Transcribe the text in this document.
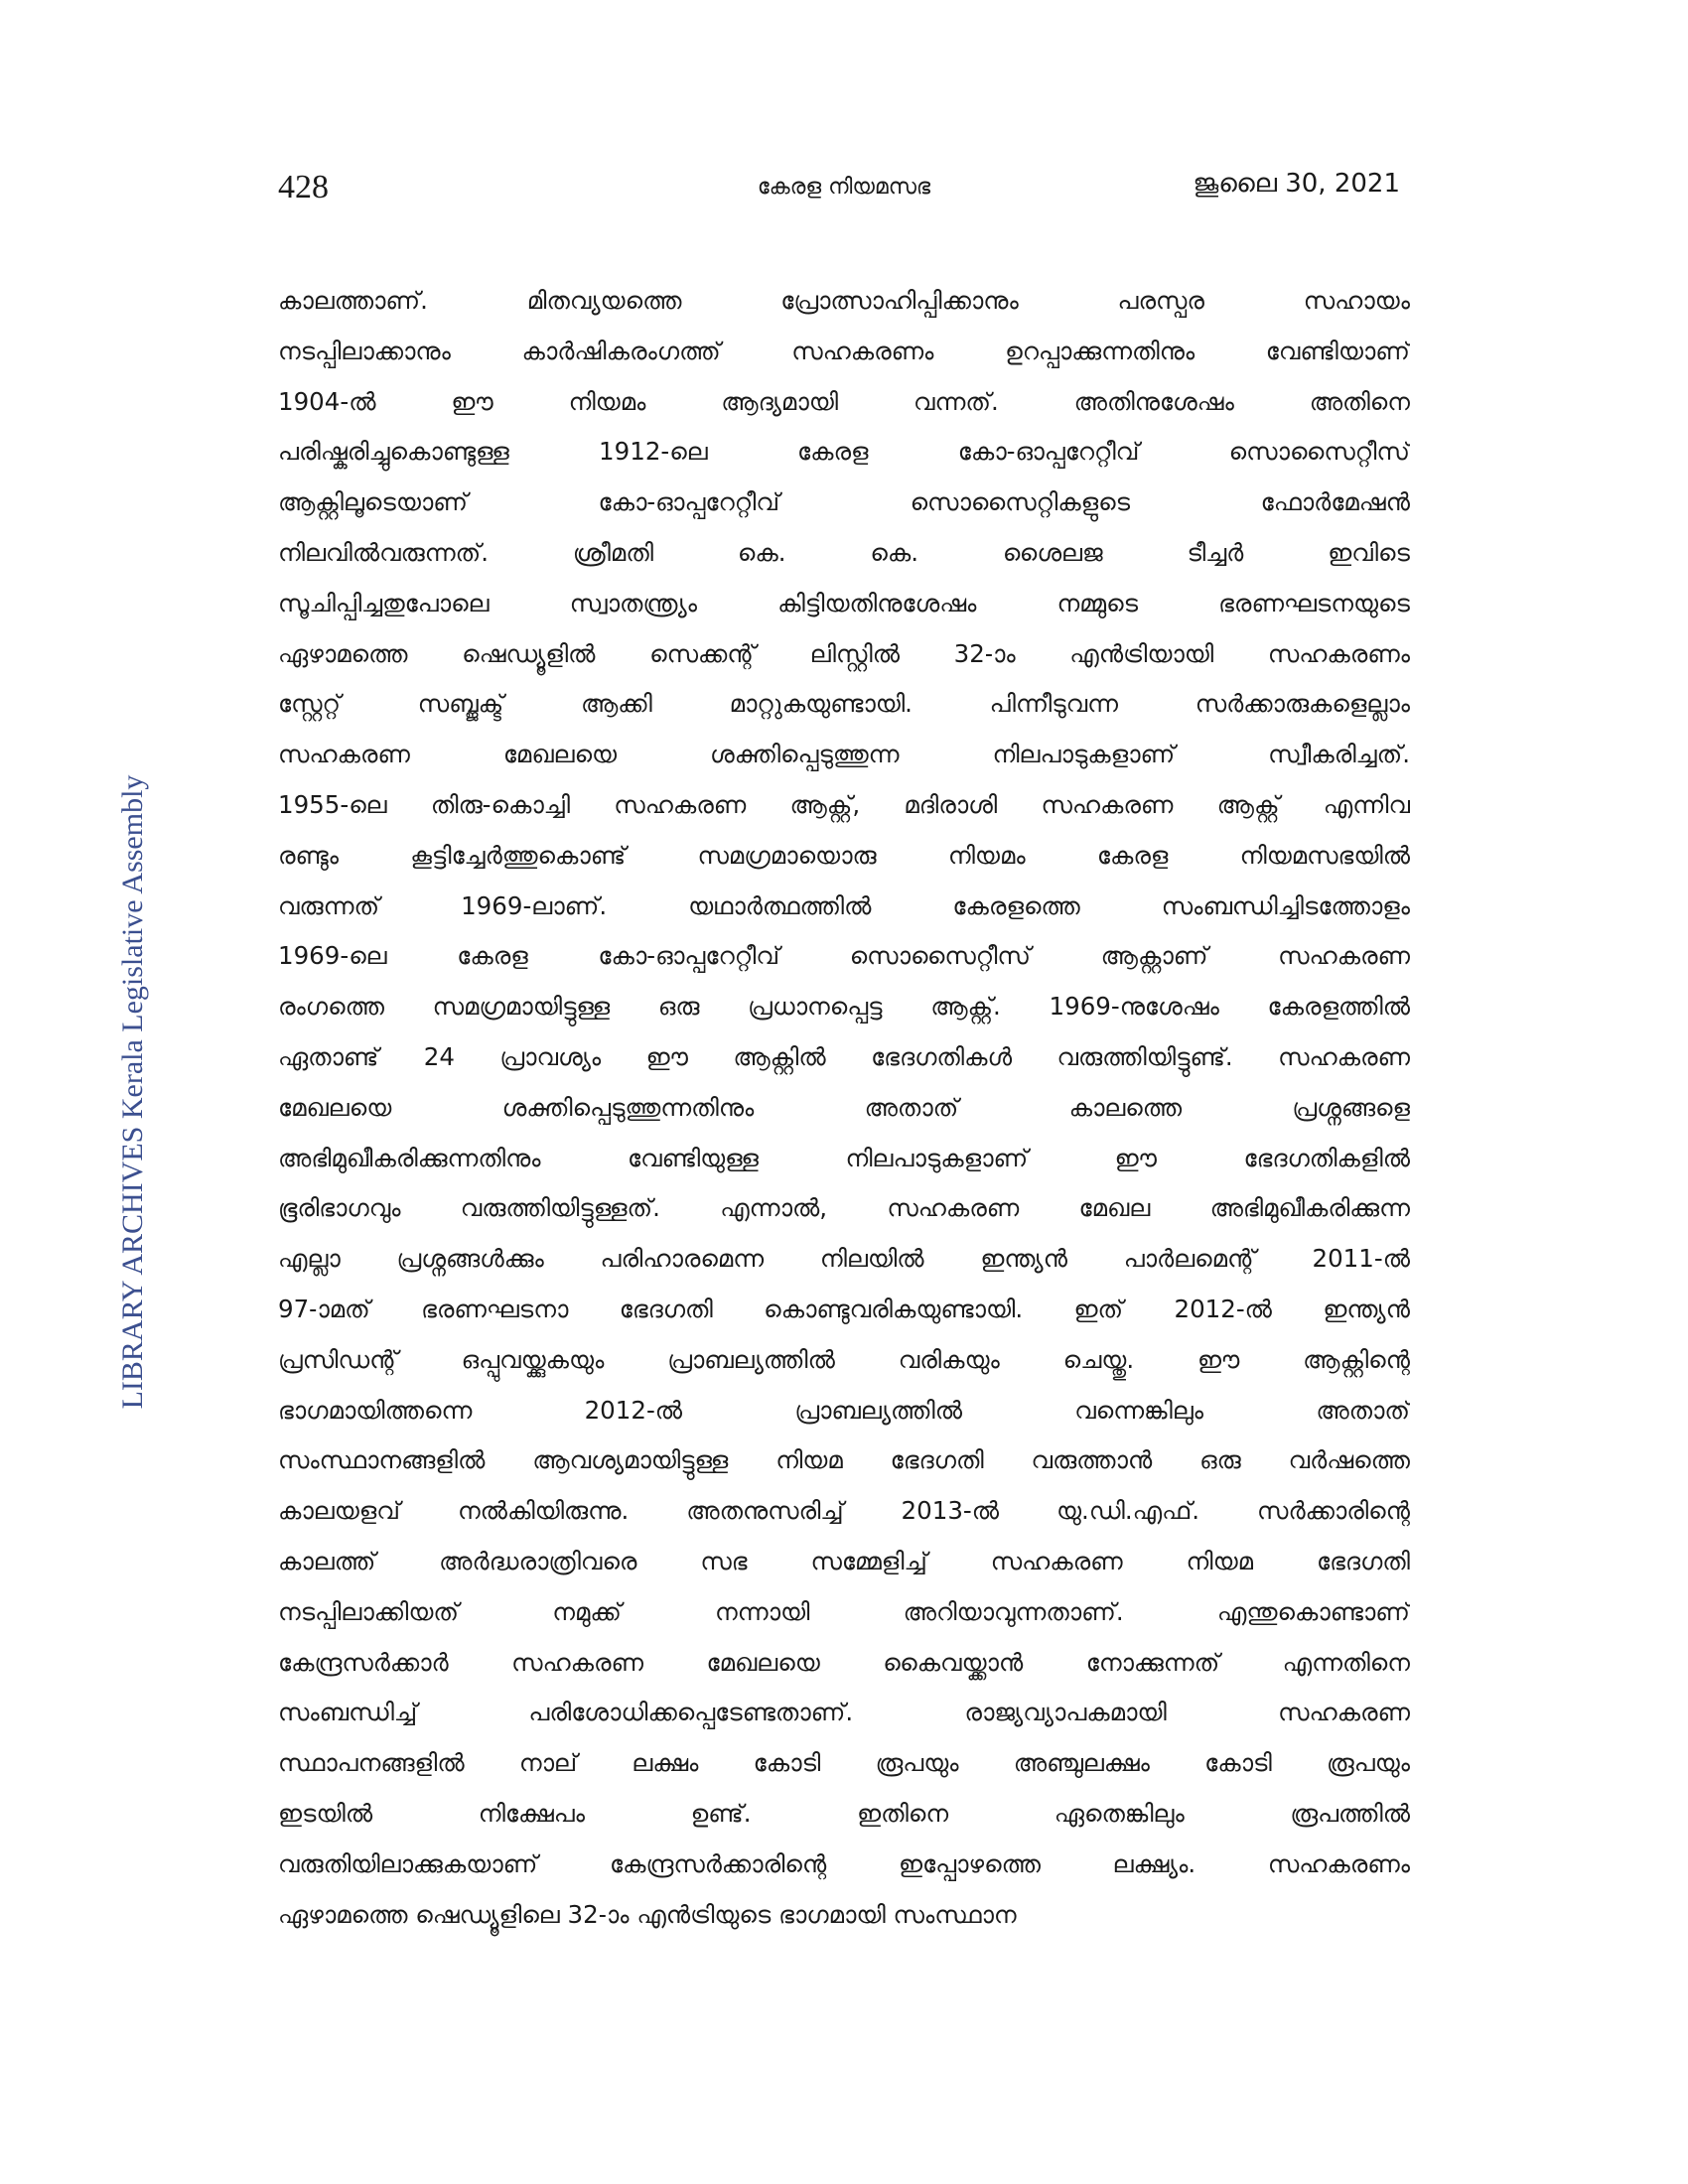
428	കേരള നിയമസഭ	ജൂലൈ 30, 2021
LIBRARY ARCHIVES Kerala Legislative Assembly
കാലത്താണ്. മിതവ്യയത്തെ പ്രോത്സാഹിപ്പിക്കാനും പരസ്പര സഹായം
നടപ്പിലാക്കാനും കാർഷികരംഗത്ത് സഹകരണം ഉറപ്പാക്കുന്നതിനും വേണ്ടിയാണ്
1904-ൽ ഈ നിയമം ആദ്യമായി വന്നത്. അതിനുശേഷം അതിനെ
പരിഷ്കരിച്ചുകൊണ്ടുള്ള 1912-ലെ കേരള കോ-ഓപ്പറേറ്റീവ് സൊസൈറ്റീസ്
ആക്റ്റിലൂടെയാണ് കോ-ഓപ്പറേറ്റീവ് സൊസൈറ്റികളുടെ ഫോർമേഷൻ
നിലവിൽവരുന്നത്. ശ്രീമതി കെ. കെ. ശൈലജ ടീച്ചർ ഇവിടെ
സൂചിപ്പിച്ചതുപോലെ സ്വാതന്ത്ര്യം കിട്ടിയതിനുശേഷം നമ്മുടെ ഭരണഘടനയുടെ
ഏഴാമത്തെ ഷെഡ്യൂളിൽ സെക്കന്റ് ലിസ്റ്റിൽ 32-ാം എൻട്രിയായി സഹകരണം
സ്റ്റേറ്റ് സബ്ജക്ട് ആക്കി മാറ്റുകയുണ്ടായി. പിന്നീടുവന്ന സർക്കാരുകളെല്ലാം
സഹകരണ മേഖലയെ ശക്തിപ്പെടുത്തുന്ന നിലപാടുകളാണ് സ്വീകരിച്ചത്.
1955-ലെ തിരു-കൊച്ചി സഹകരണ ആക്റ്റ്, മദിരാശി സഹകരണ ആക്റ്റ് എന്നിവ
രണ്ടും കൂട്ടിച്ചേർത്തുകൊണ്ട് സമഗ്രമായൊരു നിയമം കേരള നിയമസഭയിൽ
വരുന്നത് 1969-ലാണ്. യഥാർത്ഥത്തിൽ കേരളത്തെ സംബന്ധിച്ചിടത്തോളം
1969-ലെ കേരള കോ-ഓപ്പറേറ്റീവ് സൊസൈറ്റീസ് ആക്റ്റാണ് സഹകരണ
രംഗത്തെ സമഗ്രമായിട്ടുള്ള ഒരു പ്രധാനപ്പെട്ട ആക്റ്റ്. 1969-നുശേഷം കേരളത്തിൽ
ഏതാണ്ട് 24 പ്രാവശ്യം ഈ ആക്റ്റിൽ ഭേദഗതികൾ വരുത്തിയിട്ടുണ്ട്. സഹകരണ
മേഖലയെ ശക്തിപ്പെടുത്തുന്നതിനും അതാത് കാലത്തെ പ്രശ്നങ്ങളെ
അഭിമുഖീകരിക്കുന്നതിനും വേണ്ടിയുള്ള നിലപാടുകളാണ് ഈ ഭേദഗതികളിൽ
ഭൂരിഭാഗവും വരുത്തിയിട്ടുള്ളത്. എന്നാൽ, സഹകരണ മേഖല അഭിമുഖീകരിക്കുന്ന
എല്ലാ പ്രശ്നങ്ങൾക്കും പരിഹാരമെന്ന നിലയിൽ ഇന്ത്യൻ പാർലമെന്റ് 2011-ൽ
97-ാമത് ഭരണഘടനാ ഭേദഗതി കൊണ്ടുവരികയുണ്ടായി. ഇത് 2012-ൽ ഇന്ത്യൻ
പ്രസിഡന്റ് ഒപ്പുവയ്ക്കുകയും പ്രാബല്യത്തിൽ വരികയും ചെയ്തു. ഈ ആക്റ്റിന്റെ
ഭാഗമായിത്തന്നെ 2012-ൽ പ്രാബല്യത്തിൽ വന്നെങ്കിലും അതാത്
സംസ്ഥാനങ്ങളിൽ ആവശ്യമായിട്ടുള്ള നിയമ ഭേദഗതി വരുത്താൻ ഒരു വർഷത്തെ
കാലയളവ് നൽകിയിരുന്നു. അതനുസരിച്ച് 2013-ൽ യു.ഡി.എഫ്. സർക്കാരിന്റെ
കാലത്ത് അർദ്ധരാത്രിവരെ സഭ സമ്മേളിച്ച് സഹകരണ നിയമ ഭേദഗതി
നടപ്പിലാക്കിയത് നമുക്ക് നന്നായി അറിയാവുന്നതാണ്. എന്തുകൊണ്ടാണ്
കേന്ദ്രസർക്കാർ സഹകരണ മേഖലയെ കൈവയ്ക്കാൻ നോക്കുന്നത് എന്നതിനെ
സംബന്ധിച്ച് പരിശോധിക്കപ്പെടേണ്ടതാണ്. രാജ്യവ്യാപകമായി സഹകരണ
സ്ഥാപനങ്ങളിൽ നാല് ലക്ഷം കോടി രൂപയും അഞ്ചുലക്ഷം കോടി രൂപയും
ഇടയിൽ നിക്ഷേപം ഉണ്ട്. ഇതിനെ ഏതെങ്കിലും രൂപത്തിൽ
വരുതിയിലാക്കുകയാണ് കേന്ദ്രസർക്കാരിന്റെ ഇപ്പോഴത്തെ ലക്ഷ്യം. സഹകരണം
ഏഴാമത്തെ ഷെഡ്യൂളിലെ 32-ാം എൻട്രിയുടെ ഭാഗമായി സംസ്ഥാന
